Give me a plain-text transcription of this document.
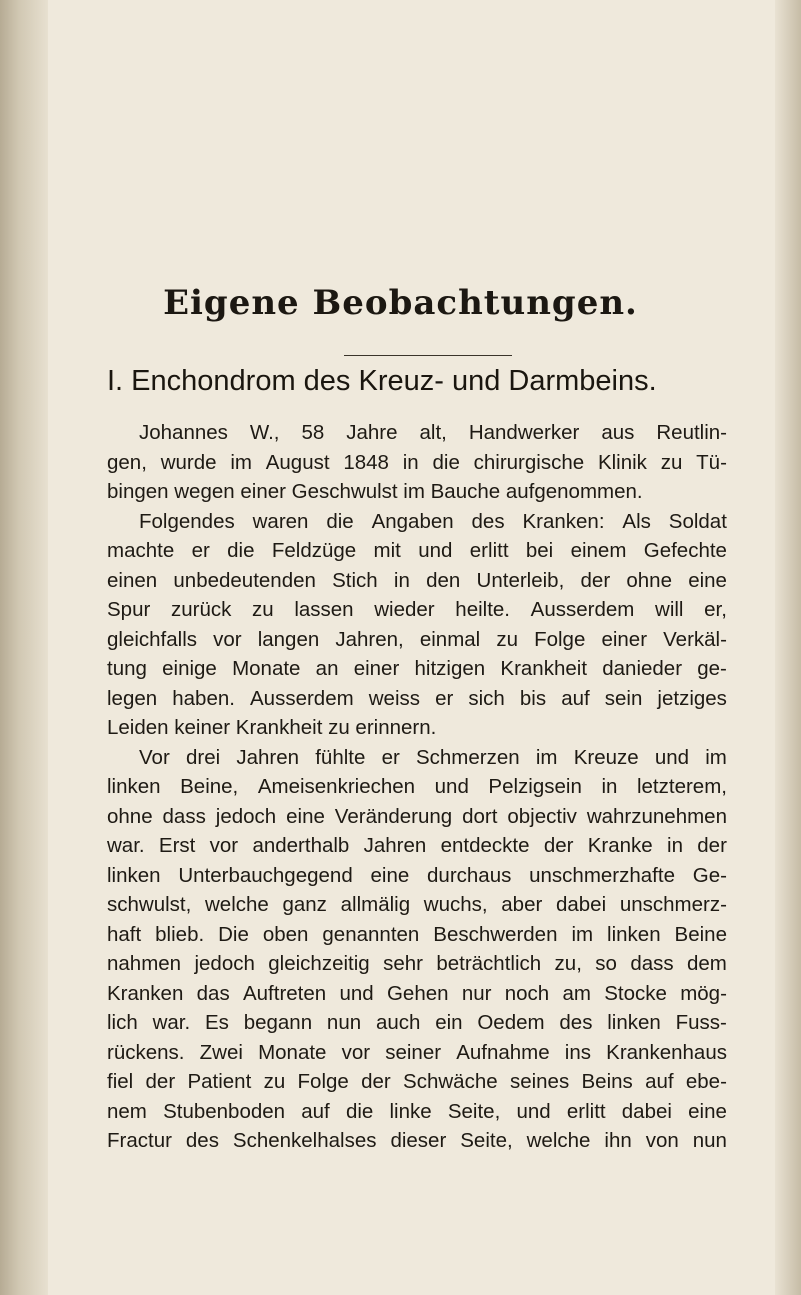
Eigene Beobachtungen.
I. Enchondrom des Kreuz- und Darmbeins.
Johannes W., 58 Jahre alt, Handwerker aus Reutlin-
gen, wurde im August 1848 in die chirurgische Klinik zu Tü-
bingen wegen einer Geschwulst im Bauche aufgenommen.
Folgendes waren die Angaben des Kranken: Als Soldat
machte er die Feldzüge mit und erlitt bei einem Gefechte
einen unbedeutenden Stich in den Unterleib, der ohne eine
Spur zurück zu lassen wieder heilte. Ausserdem will er,
gleichfalls vor langen Jahren, einmal zu Folge einer Verkäl-
tung einige Monate an einer hitzigen Krankheit danieder ge-
legen haben. Ausserdem weiss er sich bis auf sein jetziges
Leiden keiner Krankheit zu erinnern.
Vor drei Jahren fühlte er Schmerzen im Kreuze und im
linken Beine, Ameisenkriechen und Pelzigsein in letzterem,
ohne dass jedoch eine Veränderung dort objectiv wahrzunehmen
war. Erst vor anderthalb Jahren entdeckte der Kranke in der
linken Unterbauchgegend eine durchaus unschmerzhafte Ge-
schwulst, welche ganz allmälig wuchs, aber dabei unschmerz-
haft blieb. Die oben genannten Beschwerden im linken Beine
nahmen jedoch gleichzeitig sehr beträchtlich zu, so dass dem
Kranken das Auftreten und Gehen nur noch am Stocke mög-
lich war. Es begann nun auch ein Oedem des linken Fuss-
rückens. Zwei Monate vor seiner Aufnahme ins Krankenhaus
fiel der Patient zu Folge der Schwäche seines Beins auf ebe-
nem Stubenboden auf die linke Seite, und erlitt dabei eine
Fractur des Schenkelhalses dieser Seite, welche ihn von nun
